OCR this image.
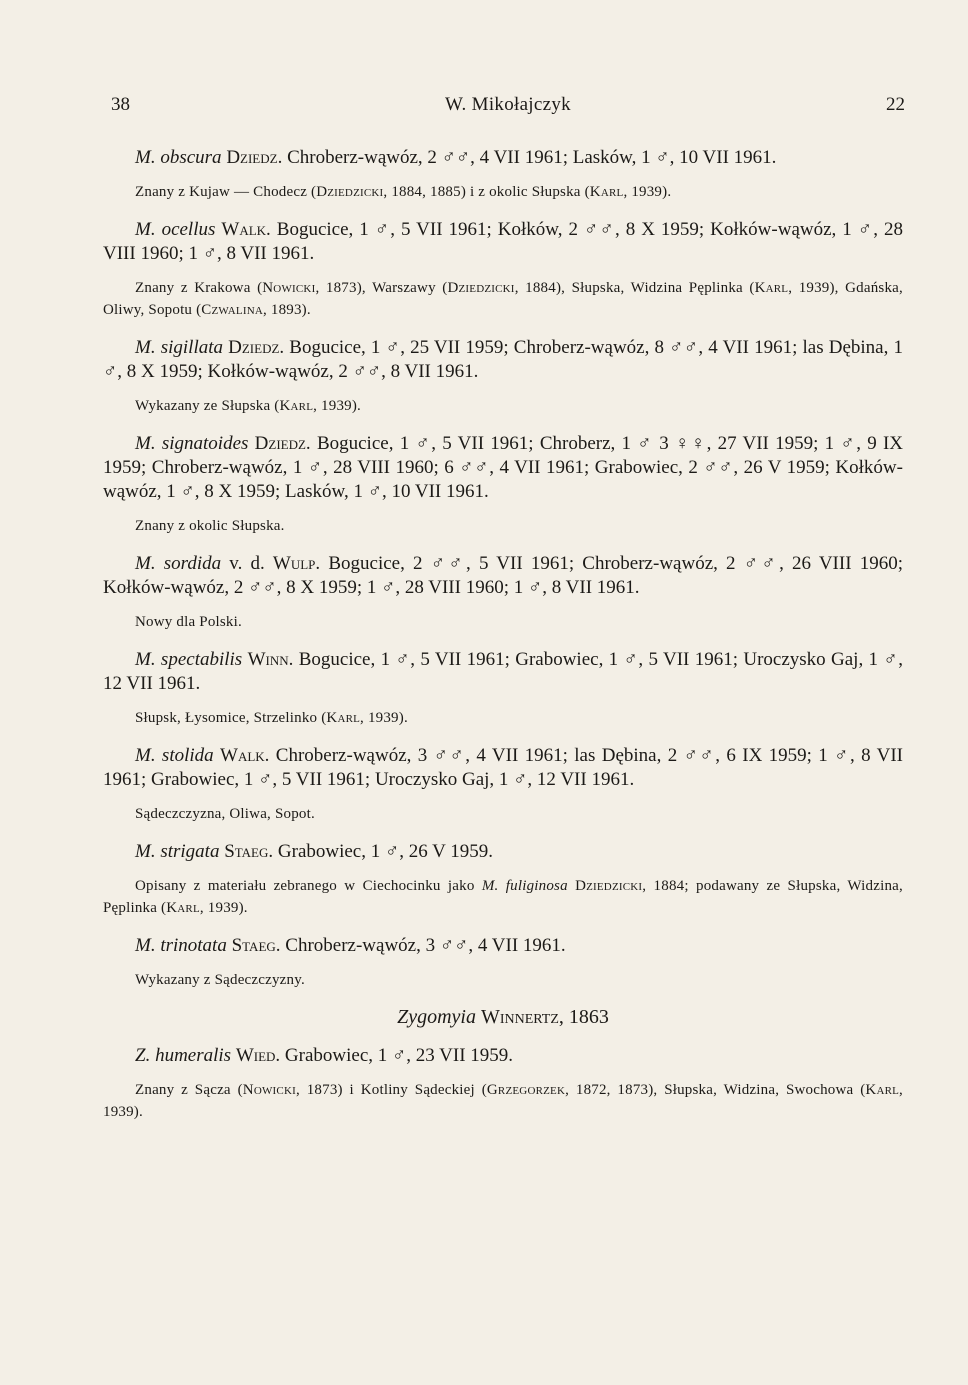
38	W. Mikołajczyk	22

M. obscura Dziedz. Chroberz-wąwóz, 2 ♂♂, 4 VII 1961; Lasków, 1 ♂, 10 VII 1961.

Znany z Kujaw — Chodecz (Dziedzicki, 1884, 1885) i z okolic Słupska (Karl, 1939).

M. ocellus Walk. Bogucice, 1 ♂, 5 VII 1961; Kołków, 2 ♂♂, 8 X 1959; Kołków-wąwóz, 1 ♂, 28 VIII 1960; 1 ♂, 8 VII 1961.

Znany z Krakowa (Nowicki, 1873), Warszawy (Dziedzicki, 1884), Słupska, Widzina Pęplinka (Karl, 1939), Gdańska, Oliwy, Sopotu (Czwalina, 1893).

M. sigillata Dziedz. Bogucice, 1 ♂, 25 VII 1959; Chroberz-wąwóz, 8 ♂♂, 4 VII 1961; las Dębina, 1 ♂, 8 X 1959; Kołków-wąwóz, 2 ♂♂, 8 VII 1961.

Wykazany ze Słupska (Karl, 1939).

M. signatoides Dziedz. Bogucice, 1 ♂, 5 VII 1961; Chroberz, 1 ♂ 3 ♀♀, 27 VII 1959; 1 ♂, 9 IX 1959; Chroberz-wąwóz, 1 ♂, 28 VIII 1960; 6 ♂♂, 4 VII 1961; Grabowiec, 2 ♂♂, 26 V 1959; Kołków-wąwóz, 1 ♂, 8 X 1959; Lasków, 1 ♂, 10 VII 1961.

Znany z okolic Słupska.

M. sordida v. d. Wulp. Bogucice, 2 ♂♂, 5 VII 1961; Chroberz-wąwóz, 2 ♂♂, 26 VIII 1960; Kołków-wąwóz, 2 ♂♂, 8 X 1959; 1 ♂, 28 VIII 1960; 1 ♂, 8 VII 1961.

Nowy dla Polski.

M. spectabilis Winn. Bogucice, 1 ♂, 5 VII 1961; Grabowiec, 1 ♂, 5 VII 1961; Uroczysko Gaj, 1 ♂, 12 VII 1961.

Słupsk, Łysomice, Strzelinko (Karl, 1939).

M. stolida Walk. Chroberz-wąwóz, 3 ♂♂, 4 VII 1961; las Dębina, 2 ♂♂, 6 IX 1959; 1 ♂, 8 VII 1961; Grabowiec, 1 ♂, 5 VII 1961; Uroczysko Gaj, 1 ♂, 12 VII 1961.

Sądeczczyzna, Oliwa, Sopot.

M. strigata Staeg. Grabowiec, 1 ♂, 26 V 1959.

Opisany z materiału zebranego w Ciechocinku jako M. fuliginosa Dziedzicki, 1884; podawany ze Słupska, Widzina, Pęplinka (Karl, 1939).

M. trinotata Staeg. Chroberz-wąwóz, 3 ♂♂, 4 VII 1961.

Wykazany z Sądeczczyzny.

Zygomyia Winnertz, 1863

Z. humeralis Wied. Grabowiec, 1 ♂, 23 VII 1959.

Znany z Sącza (Nowicki, 1873) i Kotliny Sądeckiej (Grzegorzek, 1872, 1873), Słupska, Widzina, Swochowa (Karl, 1939).
